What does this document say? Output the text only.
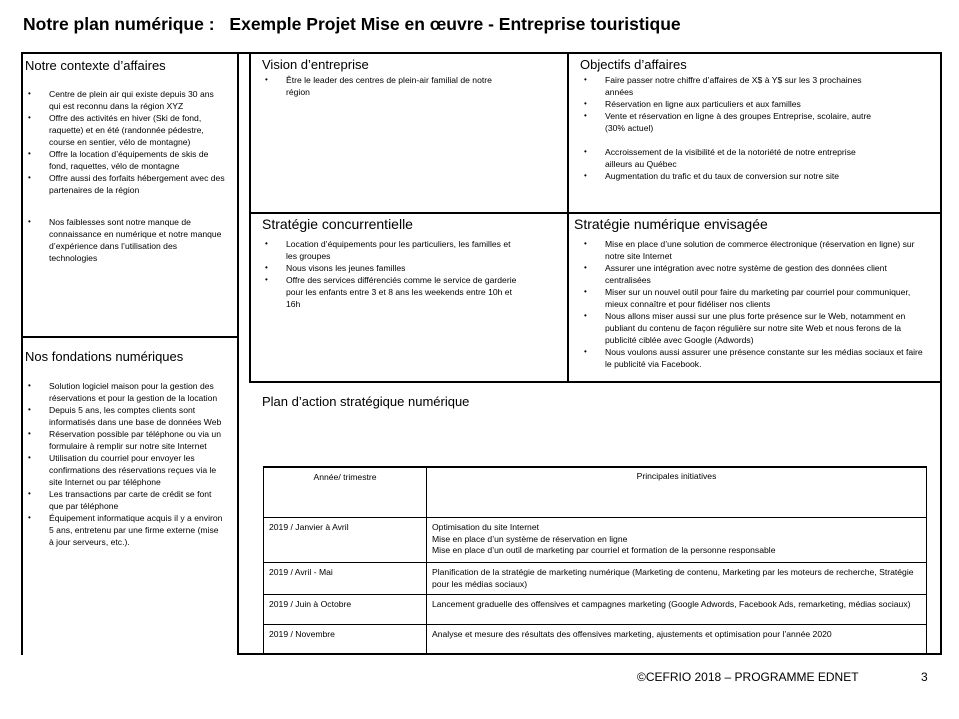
Notre plan numérique : Exemple Projet Mise en œuvre - Entreprise touristique
Notre contexte d’affaires
• Centre de plein air qui existe depuis 30 ans qui est reconnu dans la région XYZ
• Offre des activités en hiver (Ski de fond, raquette) et en été (randonnée pédestre, course en sentier, vélo de montagne)
• Offre la location d’équipements de skis de fond, raquettes, vélo de montagne
• Offre aussi des forfaits hébergement avec des partenaires de la région
• Nos faiblesses sont notre manque de connaissance en numérique et notre manque d’expérience dans l’utilisation des technologies
Nos fondations numériques
• Solution logiciel maison pour la gestion des réservations et pour la gestion de la location
• Depuis 5 ans, les comptes clients sont informatisés dans une base de données Web
• Réservation possible par téléphone ou via un formulaire à remplir sur notre site Internet
• Utilisation du courriel pour envoyer les confirmations des réservations reçues via le site Internet ou par téléphone
• Les transactions par carte de crédit se font que par téléphone
• Équipement informatique acquis il y a environ 5 ans, entretenu par une firme externe (mise à jour serveurs, etc.).
Vision d’entreprise
• Être le leader des centres de plein-air familial de notre région
Objectifs d’affaires
• Faire passer notre chiffre d’affaires de X$ à Y$ sur les 3 prochaines années
• Réservation en ligne aux particuliers et aux familles
• Vente et réservation en ligne à des groupes Entreprise, scolaire, autre (30% actuel)
• Accroissement de la visibilité et de la notoriété de notre entreprise ailleurs au Québec
• Augmentation du trafic et du taux de conversion sur notre site
Stratégie concurrentielle
• Location d’équipements pour les particuliers, les familles et les groupes
• Nous visons les jeunes familles
• Offre des services différenciés comme le service de garderie pour les enfants entre 3 et 8 ans les weekends entre 10h et 16h
Stratégie numérique envisagée
• Mise en place d’une solution de commerce électronique (réservation en ligne) sur notre site Internet
• Assurer une intégration avec notre système de gestion des données client centralisées
• Miser sur un nouvel outil pour faire du marketing par courriel pour communiquer, mieux connaître et pour fidéliser nos clients
• Nous allons miser aussi sur une plus forte présence sur le Web, notamment en publiant du contenu de façon régulière sur notre site Web et nous ferons de la publicité ciblée avec Google (Adwords)
• Nous voulons aussi assurer une présence constante sur les médias sociaux et faire le publicité via Facebook.
Plan d’action stratégique numérique
Année/ trimestre	Principales initiatives
2019 / Janvier à Avril	Optimisation du site Internet
Mise en place d’un système de réservation en ligne
Mise en place d’un outil de marketing par courriel et formation de la personne responsable

2019 / Avril - Mai	Planification de la stratégie de marketing numérique (Marketing de contenu, Marketing par les moteurs de recherche, Stratégie pour les médias sociaux)

2019 / Juin à Octobre	Lancement graduelle des offensives et campagnes marketing (Google Adwords, Facebook Ads, remarketing, médias sociaux)

2019 / Novembre	Analyse et mesure des résultats des offensives marketing, ajustements et optimisation pour l’année 2020
©CEFRIO 2018 – PROGRAMME EDNET	3
